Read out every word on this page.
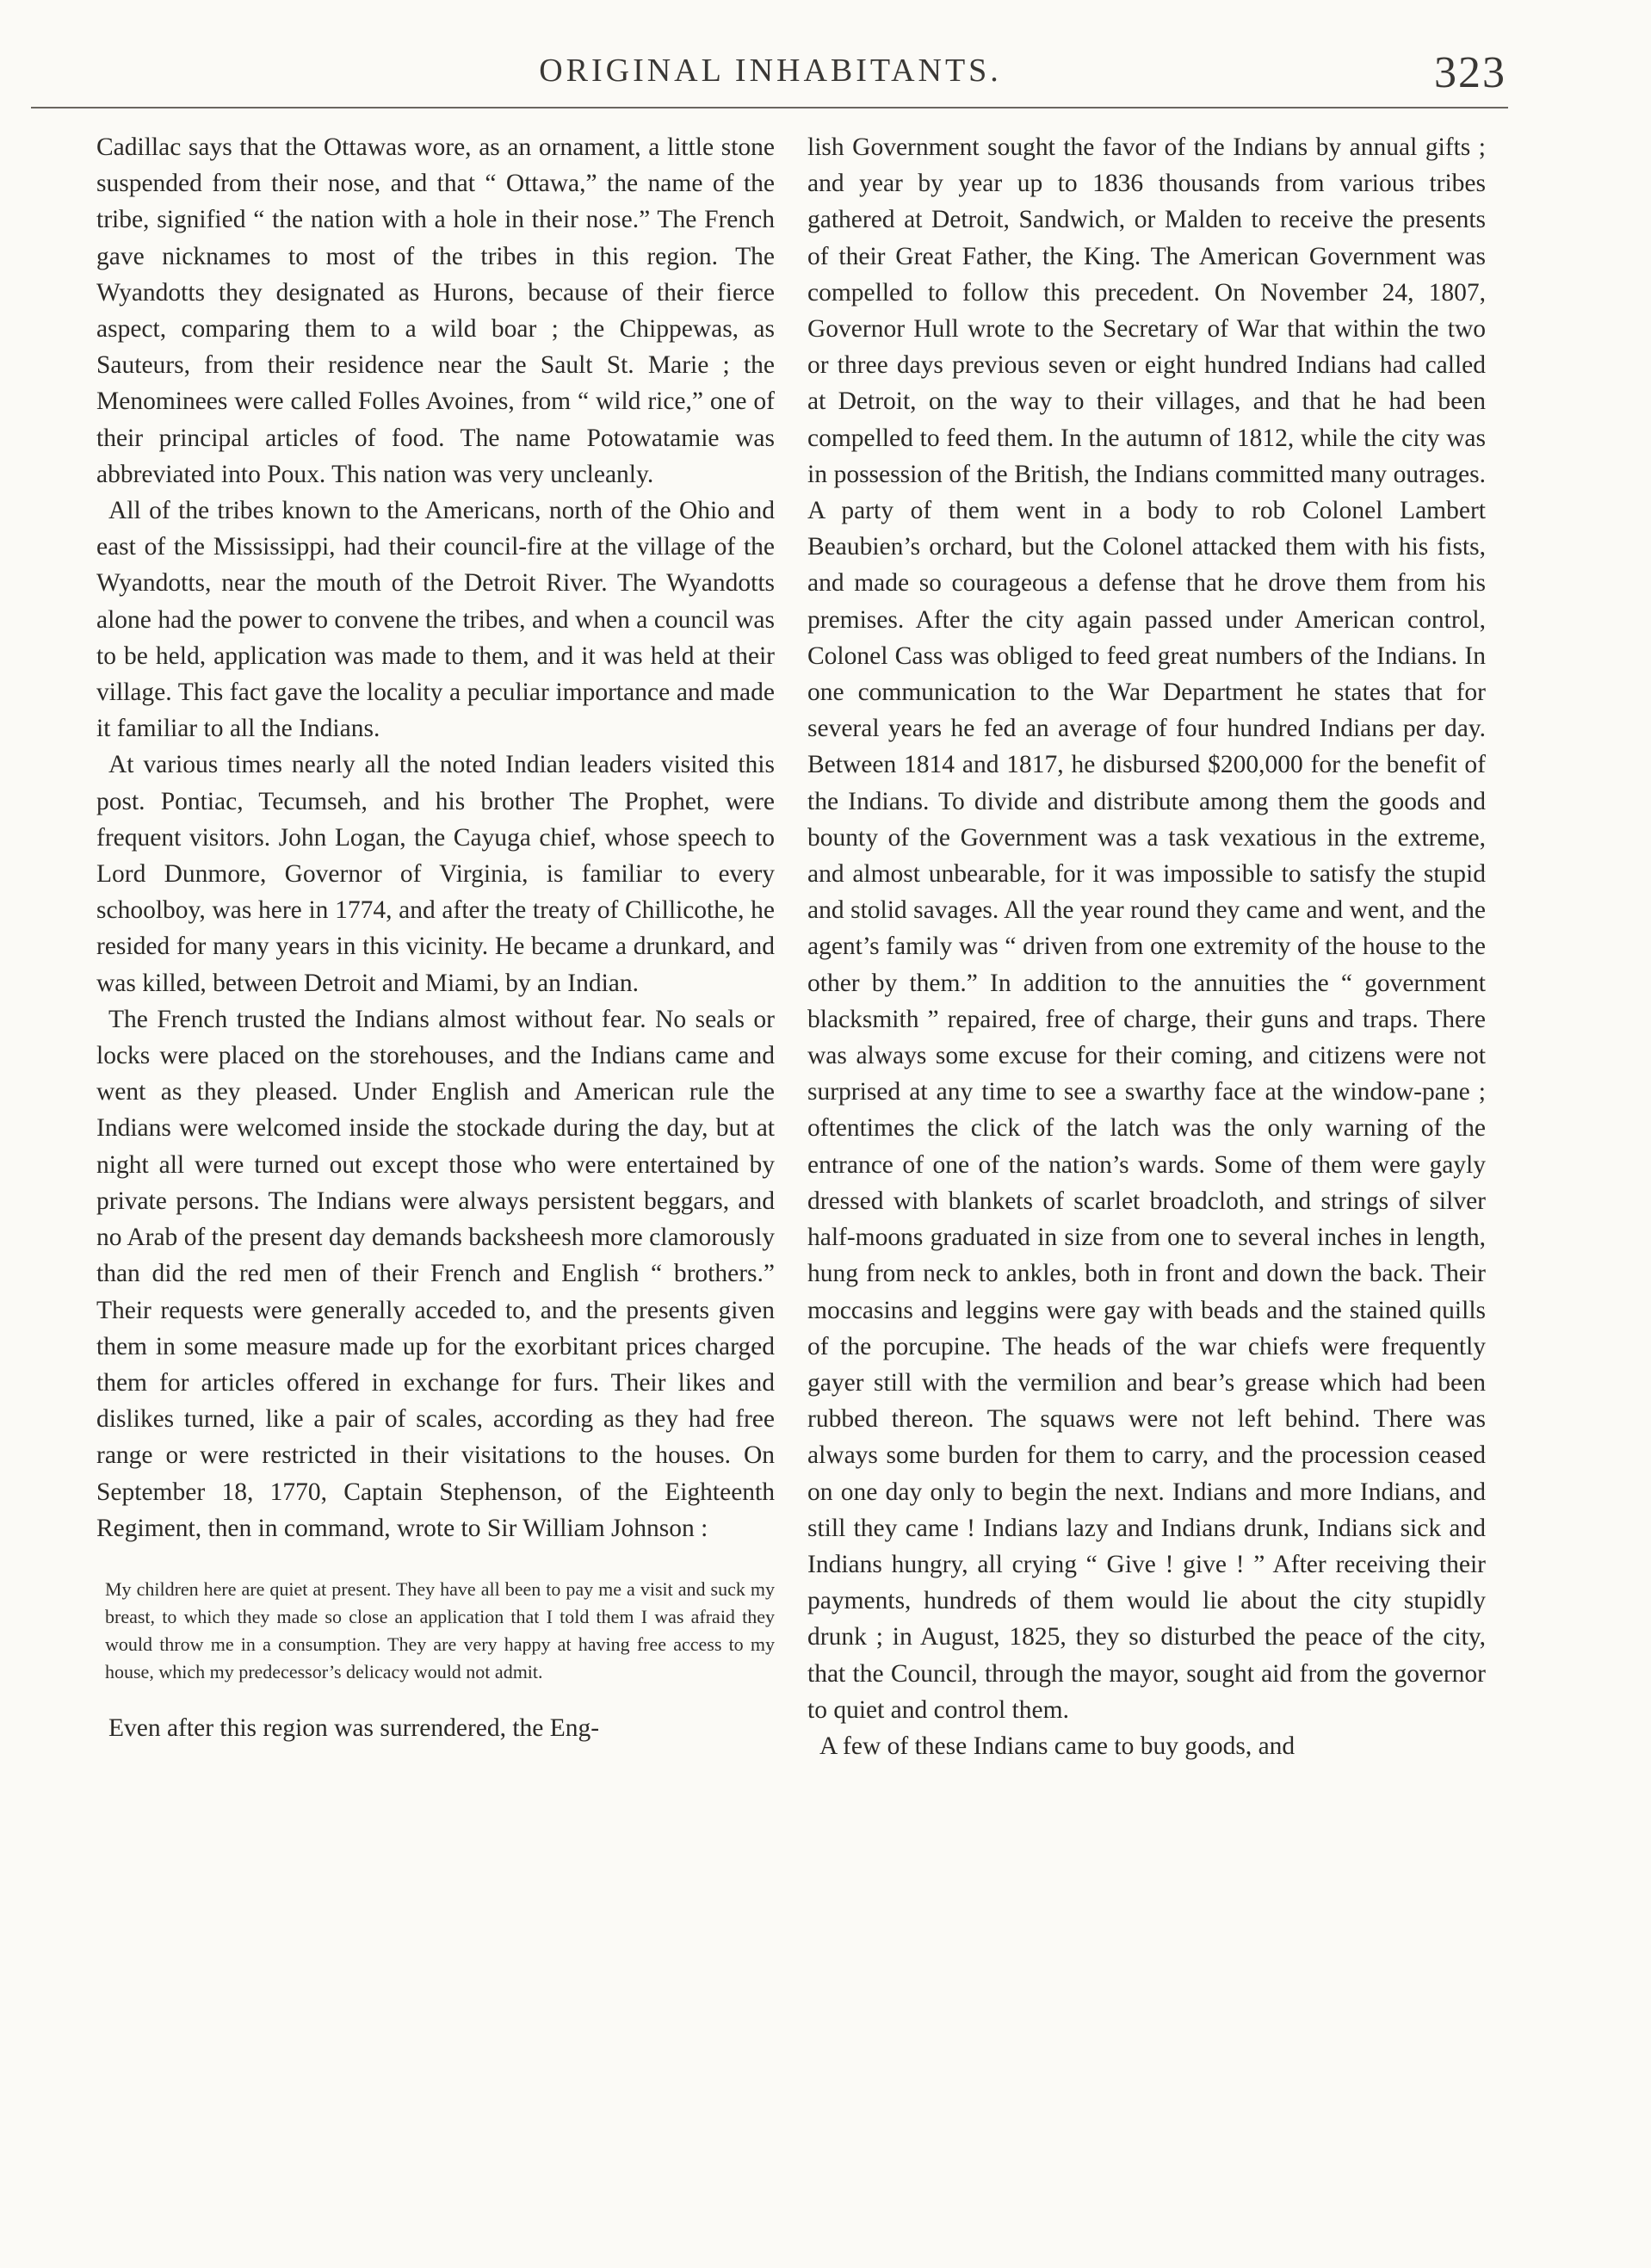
ORIGINAL INHABITANTS.	323

Cadillac says that the Ottawas wore, as an ornament, a little stone suspended from their nose, and that “ Ottawa,” the name of the tribe, signified “ the nation with a hole in their nose.” The French gave nicknames to most of the tribes in this region. The Wyandotts they designated as Hurons, because of their fierce aspect, comparing them to a wild boar ; the Chippewas, as Sauteurs, from their residence near the Sault St. Marie ; the Menominees were called Folles Avoines, from “ wild rice,” one of their principal articles of food. The name Potowatamie was abbreviated into Poux. This nation was very uncleanly.

All of the tribes known to the Americans, north of the Ohio and east of the Mississippi, had their council-fire at the village of the Wyandotts, near the mouth of the Detroit River. The Wyandotts alone had the power to convene the tribes, and when a council was to be held, application was made to them, and it was held at their village. This fact gave the locality a peculiar importance and made it familiar to all the Indians.

At various times nearly all the noted Indian leaders visited this post. Pontiac, Tecumseh, and his brother The Prophet, were frequent visitors. John Logan, the Cayuga chief, whose speech to Lord Dunmore, Governor of Virginia, is familiar to every schoolboy, was here in 1774, and after the treaty of Chillicothe, he resided for many years in this vicinity. He became a drunkard, and was killed, between Detroit and Miami, by an Indian.

The French trusted the Indians almost without fear. No seals or locks were placed on the storehouses, and the Indians came and went as they pleased. Under English and American rule the Indians were welcomed inside the stockade during the day, but at night all were turned out except those who were entertained by private persons. The Indians were always persistent beggars, and no Arab of the present day demands backsheesh more clamorously than did the red men of their French and English “ brothers.” Their requests were generally acceded to, and the presents given them in some measure made up for the exorbitant prices charged them for articles offered in exchange for furs. Their likes and dislikes turned, like a pair of scales, according as they had free range or were restricted in their visitations to the houses. On September 18, 1770, Captain Stephenson, of the Eighteenth Regiment, then in command, wrote to Sir William Johnson :

My children here are quiet at present. They have all been to pay me a visit and suck my breast, to which they made so close an application that I told them I was afraid they would throw me in a consumption. They are very happy at having free access to my house, which my predecessor’s delicacy would not admit.

Even after this region was surrendered, the Eng-

lish Government sought the favor of the Indians by annual gifts ; and year by year up to 1836 thousands from various tribes gathered at Detroit, Sandwich, or Malden to receive the presents of their Great Father, the King. The American Government was compelled to follow this precedent. On November 24, 1807, Governor Hull wrote to the Secretary of War that within the two or three days previous seven or eight hundred Indians had called at Detroit, on the way to their villages, and that he had been compelled to feed them. In the autumn of 1812, while the city was in possession of the British, the Indians committed many outrages. A party of them went in a body to rob Colonel Lambert Beaubien’s orchard, but the Colonel attacked them with his fists, and made so courageous a defense that he drove them from his premises. After the city again passed under American control, Colonel Cass was obliged to feed great numbers of the Indians. In one communication to the War Department he states that for several years he fed an average of four hundred Indians per day. Between 1814 and 1817, he disbursed $200,000 for the benefit of the Indians. To divide and distribute among them the goods and bounty of the Government was a task vexatious in the extreme, and almost unbearable, for it was impossible to satisfy the stupid and stolid savages. All the year round they came and went, and the agent’s family was “ driven from one extremity of the house to the other by them.” In addition to the annuities the “ government blacksmith ” repaired, free of charge, their guns and traps. There was always some excuse for their coming, and citizens were not surprised at any time to see a swarthy face at the window-pane ; oftentimes the click of the latch was the only warning of the entrance of one of the nation’s wards. Some of them were gayly dressed with blankets of scarlet broadcloth, and strings of silver half-moons graduated in size from one to several inches in length, hung from neck to ankles, both in front and down the back. Their moccasins and leggins were gay with beads and the stained quills of the porcupine. The heads of the war chiefs were frequently gayer still with the vermilion and bear’s grease which had been rubbed thereon. The squaws were not left behind. There was always some burden for them to carry, and the procession ceased on one day only to begin the next. Indians and more Indians, and still they came ! Indians lazy and Indians drunk, Indians sick and Indians hungry, all crying “ Give ! give ! ” After receiving their payments, hundreds of them would lie about the city stupidly drunk ; in August, 1825, they so disturbed the peace of the city, that the Council, through the mayor, sought aid from the governor to quiet and control them.

A few of these Indians came to buy goods, and
